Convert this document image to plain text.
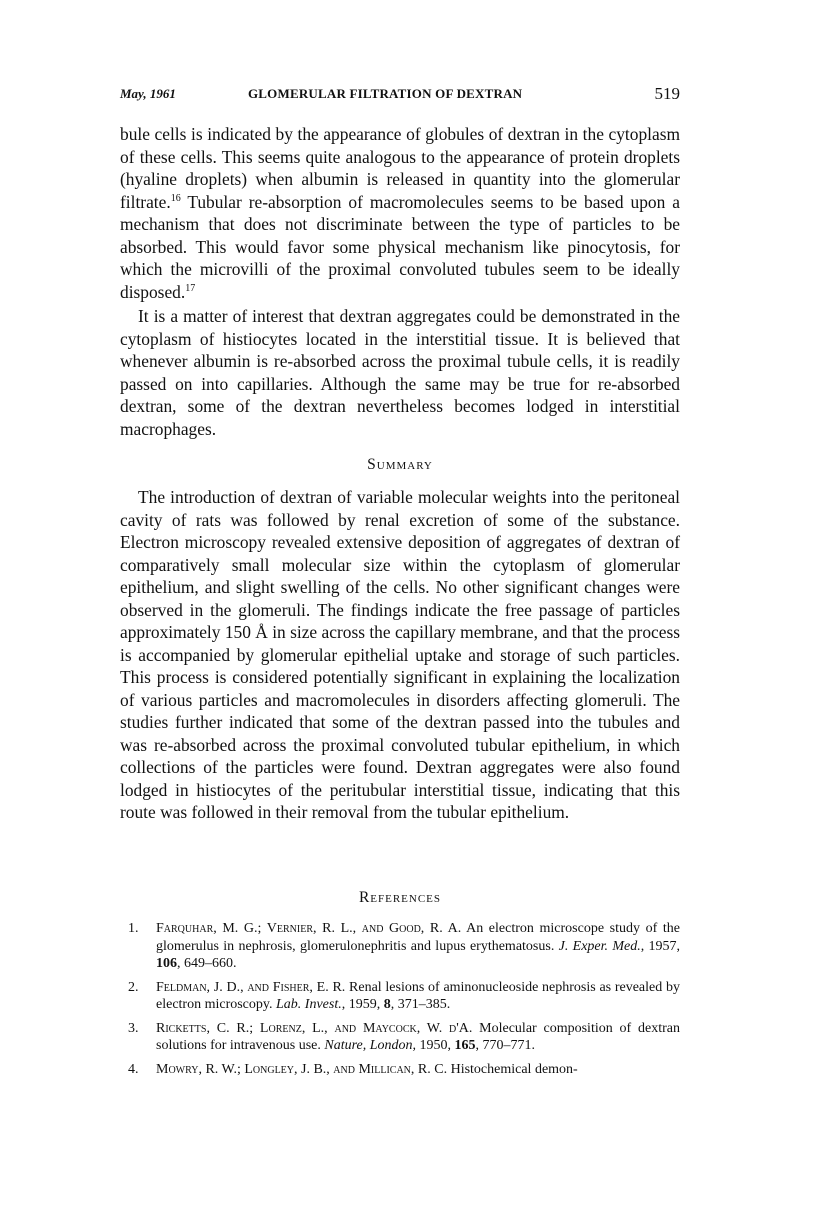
May, 1961	GLOMERULAR FILTRATION OF DEXTRAN	519
bule cells is indicated by the appearance of globules of dextran in the cytoplasm of these cells. This seems quite analogous to the appearance of protein droplets (hyaline droplets) when albumin is released in quantity into the glomerular filtrate.$^{16}$ Tubular re-absorption of macromolecules seems to be based upon a mechanism that does not discriminate between the type of particles to be absorbed. This would favor some physical mechanism like pinocytosis, for which the microvilli of the proximal convoluted tubules seem to be ideally disposed.$^{17}$
It is a matter of interest that dextran aggregates could be demonstrated in the cytoplasm of histiocytes located in the interstitial tissue. It is believed that whenever albumin is re-absorbed across the proximal tubule cells, it is readily passed on into capillaries. Although the same may be true for re-absorbed dextran, some of the dextran nevertheless becomes lodged in interstitial macrophages.
Summary
The introduction of dextran of variable molecular weights into the peritoneal cavity of rats was followed by renal excretion of some of the substance. Electron microscopy revealed extensive deposition of aggregates of dextran of comparatively small molecular size within the cytoplasm of glomerular epithelium, and slight swelling of the cells. No other significant changes were observed in the glomeruli. The findings indicate the free passage of particles approximately 150 Å in size across the capillary membrane, and that the process is accompanied by glomerular epithelial uptake and storage of such particles. This process is considered potentially significant in explaining the localization of various particles and macromolecules in disorders affecting glomeruli. The studies further indicated that some of the dextran passed into the tubules and was re-absorbed across the proximal convoluted tubular epithelium, in which collections of the particles were found. Dextran aggregates were also found lodged in histiocytes of the peritubular interstitial tissue, indicating that this route was followed in their removal from the tubular epithelium.
References
1. Farquhar, M. G.; Vernier, R. L., and Good, R. A. An electron microscope study of the glomerulus in nephrosis, glomerulonephritis and lupus erythematosus. J. Exper. Med., 1957, 106, 649–660.
2. Feldman, J. D., and Fisher, E. R. Renal lesions of aminonucleoside nephrosis as revealed by electron microscopy. Lab. Invest., 1959, 8, 371–385.
3. Ricketts, C. R.; Lorenz, L., and Maycock, W. d'A. Molecular composition of dextran solutions for intravenous use. Nature, London, 1950, 165, 770–771.
4. Mowry, R. W.; Longley, J. B., and Millican, R. C. Histochemical demon-
